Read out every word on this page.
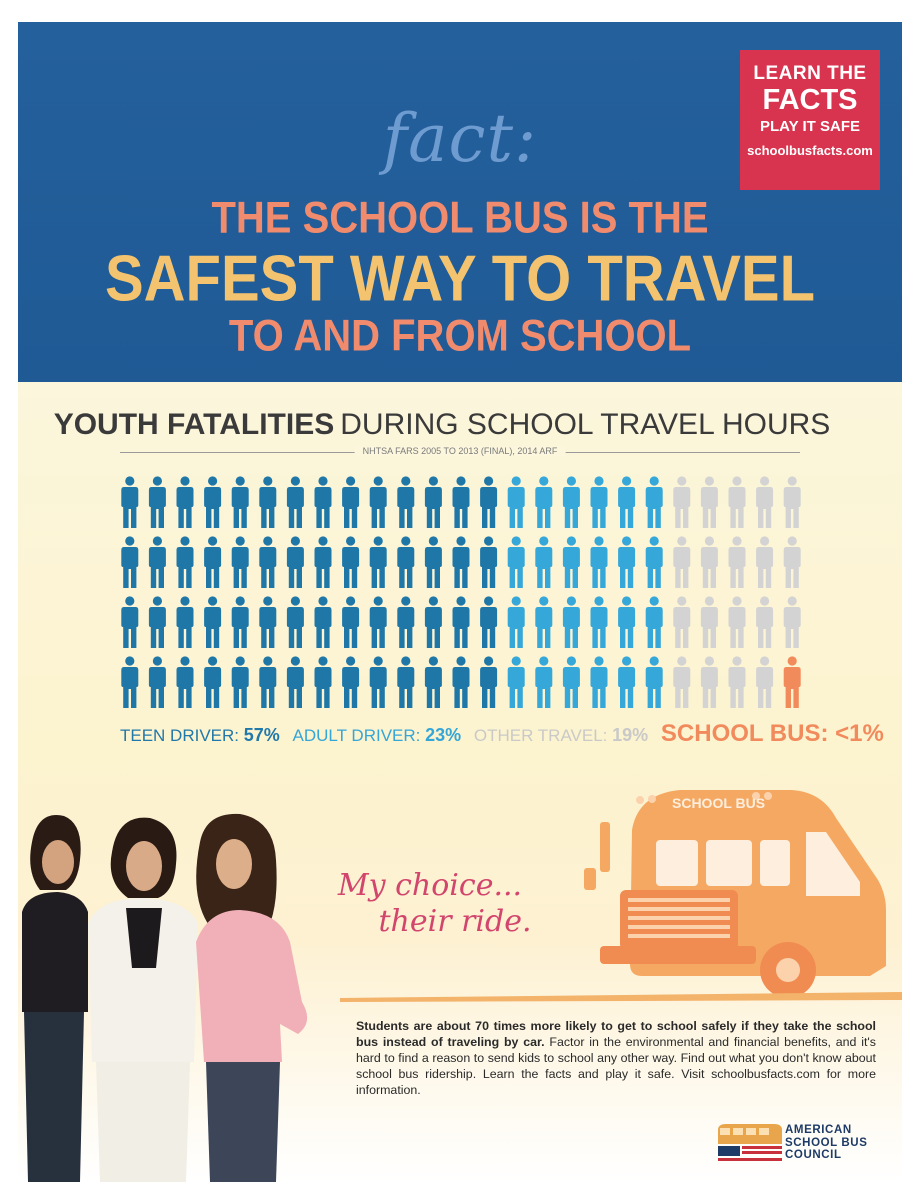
LEARN THE
FACTS
PLAY IT SAFE
schoolbusfacts.com
fact:
THE SCHOOL BUS IS THE
SAFEST WAY TO TRAVEL
TO AND FROM SCHOOL
YOUTH FATALITIES DURING SCHOOL TRAVEL HOURS
NHTSA FARS 2005 TO 2013 (FINAL), 2014 ARF
TEEN DRIVER: 57% ADULT DRIVER: 23% OTHER TRAVEL: 19% SCHOOL BUS: <1%
SCHOOL BUS
My choice...
their ride.
Students are about 70 times more likely to get to school safely if they take the school bus instead of traveling by car. Factor in the environmental and financial benefits, and it's hard to find a reason to send kids to school any other way. Find out what you don't know about school bus ridership. Learn the facts and play it safe. Visit schoolbusfacts.com for more information.
AMERICAN
SCHOOL BUS
COUNCIL
